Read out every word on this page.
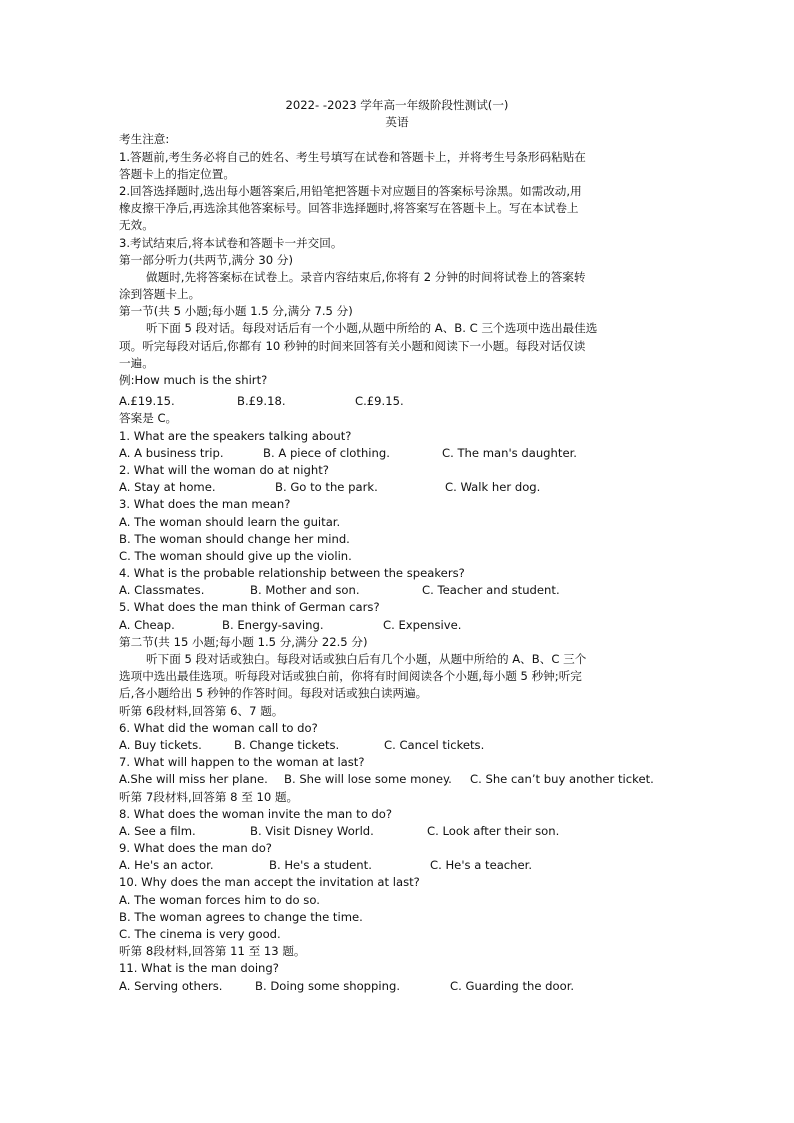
2022- -2023 学年高一年级阶段性测试(一)
英语
考生注意:
1.答题前,考生务必将自己的姓名、考生号填写在试卷和答题卡上，并将考生号条形码粘贴在
答题卡上的指定位置。
2.回答选择题时,选出每小题答案后,用铅笔把答题卡对应题目的答案标号涂黑。如需改动,用
橡皮擦干净后,再选涂其他答案标号。回答非选择题时,将答案写在答题卡上。写在本试卷上
无效。
3.考试结束后,将本试卷和答题卡一并交回。
第一部分听力(共两节,满分 30 分)
做题时,先将答案标在试卷上。录音内容结束后,你将有 2 分钟的时间将试卷上的答案转
涂到答题卡上。
第一节(共 5 小题;每小题 1.5 分,满分 7.5 分)
听下面 5 段对话。每段对话后有一个小题,从题中所给的 A、B. C 三个选项中选出最佳选
项。听完每段对话后,你都有 10 秒钟的时间来回答有关小题和阅读下一小题。每段对话仅读
一遍。
例:How much is the shirt?
A.£19.15.	B.£9.18.	C.£9.15.
答案是 C。
1. What are the speakers talking about?
A. A business trip.	B. A piece of clothing.	C. The man's daughter.
2. What will the woman do at night?
A. Stay at home.	B. Go to the park.	C. Walk her dog.
3. What does the man mean?
A. The woman should learn the guitar.
B. The woman should change her mind.
C. The woman should give up the violin.
4. What is the probable relationship between the speakers?
A. Classmates.	B. Mother and son.	C. Teacher and student.
5. What does the man think of German cars?
A. Cheap.	B. Energy-saving.	C. Expensive.
第二节(共 15 小题;每小题 1.5 分,满分 22.5 分)
听下面 5 段对话或独白。每段对话或独白后有几个小题，从题中所给的 A、B、C 三个
选项中选出最佳选项。听每段对话或独白前，你将有时间阅读各个小题,每小题 5 秒钟;听完
后,各小题给出 5 秒钟的作答时间。每段对话或独白读两遍。
听第 6段材料,回答第 6、7 题。
6. What did the woman call to do?
A. Buy tickets.	B. Change tickets.	C. Cancel tickets.
7. What will happen to the woman at last?
A.She will miss her plane. B. She will lose some money. C. She can’t buy another ticket.
听第 7段材料,回答第 8 至 10 题。
8. What does the woman invite the man to do?
A. See a film.	B. Visit Disney World.	C. Look after their son.
9. What does the man do?
A. He's an actor.	B. He's a student.	C. He's a teacher.
10. Why does the man accept the invitation at last?
A. The woman forces him to do so.
B. The woman agrees to change the time.
C. The cinema is very good.
听第 8段材料,回答第 11 至 13 题。
11. What is the man doing?
A. Serving others.	B. Doing some shopping.	C. Guarding the door.
